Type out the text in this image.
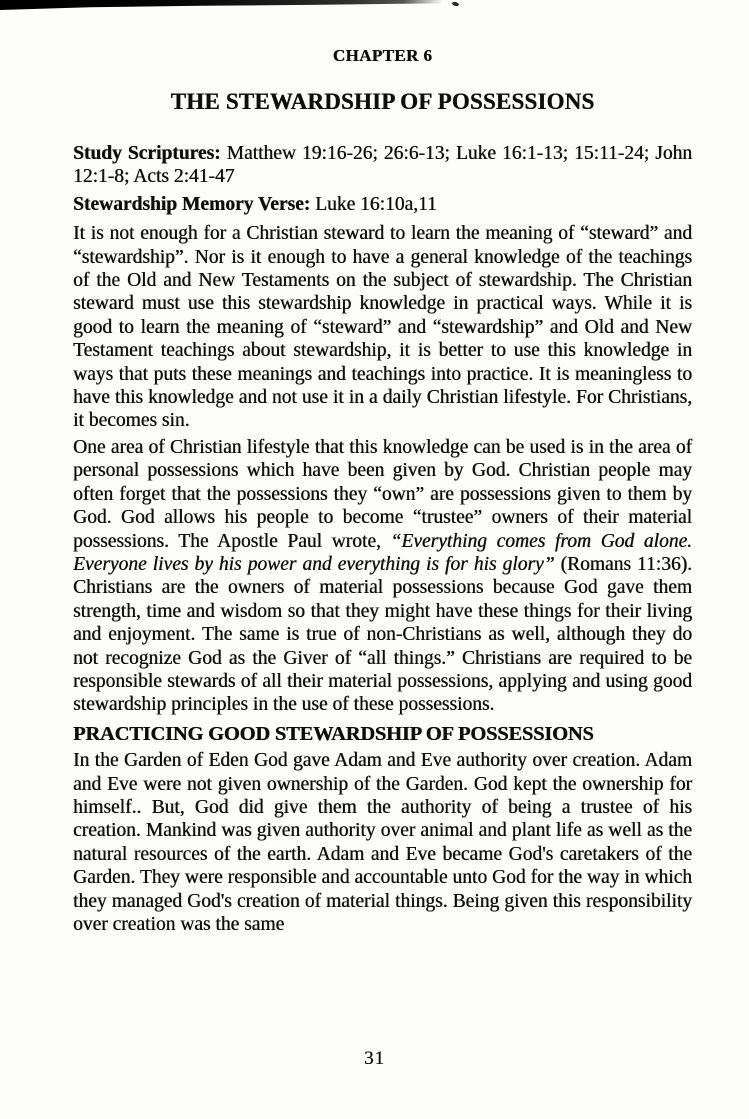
CHAPTER 6
THE STEWARDSHIP OF POSSESSIONS
Study Scriptures: Matthew 19:16-26; 26:6-13; Luke 16:1-13; 15:11-24; John 12:1-8; Acts 2:41-47
Stewardship Memory Verse: Luke 16:10a,11

It is not enough for a Christian steward to learn the meaning of “steward” and “stewardship”. Nor is it enough to have a general knowledge of the teachings of the Old and New Testaments on the subject of stewardship. The Christian steward must use this stewardship knowledge in practical ways. While it is good to learn the meaning of “steward” and “stewardship” and Old and New Testament teachings about stewardship, it is better to use this knowledge in ways that puts these meanings and teachings into practice. It is meaningless to have this knowledge and not use it in a daily Christian lifestyle. For Christians, it becomes sin.

One area of Christian lifestyle that this knowledge can be used is in the area of personal possessions which have been given by God. Christian people may often forget that the possessions they “own” are possessions given to them by God. God allows his people to become “trustee” owners of their material possessions. The Apostle Paul wrote, “Everything comes from God alone. Everyone lives by his power and everything is for his glory” (Romans 11:36). Christians are the owners of material possessions because God gave them strength, time and wisdom so that they might have these things for their living and enjoyment. The same is true of non-Christians as well, although they do not recognize God as the Giver of “all things.” Christians are required to be responsible stewards of all their material possessions, applying and using good stewardship principles in the use of these possessions.

PRACTICING GOOD STEWARDSHIP OF POSSESSIONS

In the Garden of Eden God gave Adam and Eve authority over creation. Adam and Eve were not given ownership of the Garden. God kept the ownership for himself.. But, God did give them the authority of being a trustee of his creation. Mankind was given authority over animal and plant life as well as the natural resources of the earth. Adam and Eve became God's caretakers of the Garden. They were responsible and accountable unto God for the way in which they managed God's creation of material things. Being given this responsibility over creation was the same

31
